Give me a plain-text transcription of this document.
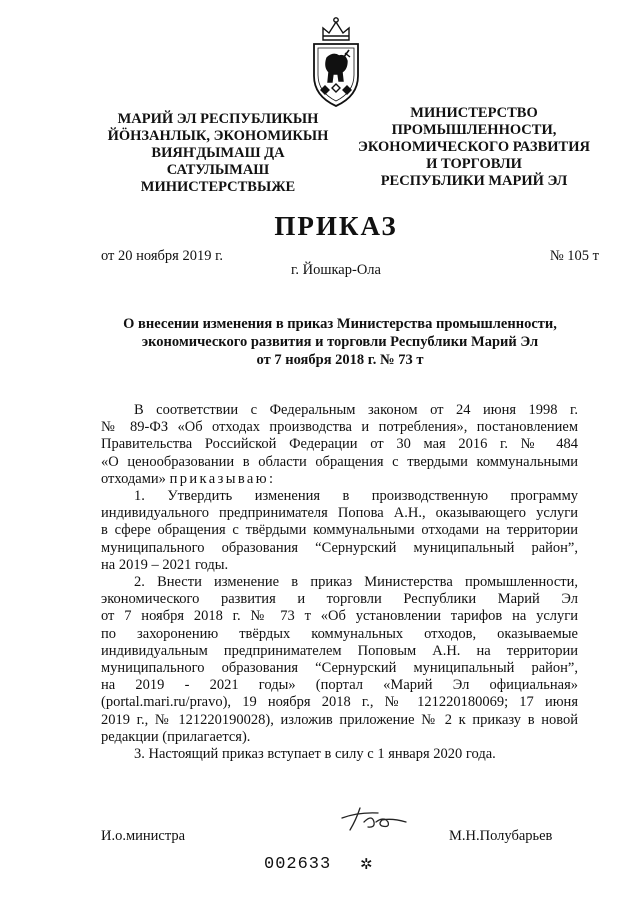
МАРИЙ ЭЛ РЕСПУБЛИКЫН
ЙӦНЗАНЛЫК, ЭКОНОМИКЫН
ВИЯҤДЫМАШ ДА
САТУЛЫМАШ
МИНИСТЕРСТВЫЖЕ
МИНИСТЕРСТВО
ПРОМЫШЛЕННОСТИ,
ЭКОНОМИЧЕСКОГО РАЗВИТИЯ
И ТОРГОВЛИ
РЕСПУБЛИКИ МАРИЙ ЭЛ
ПРИКАЗ
от 20 ноября 2019 г.	№ 105 т
г. Йошкар-Ола
О внесении изменения в приказ Министерства промышленности,
экономического развития и торговли Республики Марий Эл
от 7 ноября 2018 г. № 73 т
В соответствии с Федеральным законом от 24 июня 1998 г.
№ 89-ФЗ «Об отходах производства и потребления», постановлением
Правительства Российской Федерации от 30 мая 2016 г. № 484
«О ценообразовании в области обращения с твердыми коммунальными
отходами» приказываю:
1. Утвердить изменения в производственную программу
индивидуального предпринимателя Попова А.Н., оказывающего услуги
в сфере обращения с твёрдыми коммунальными отходами на территории
муниципального образования “Сернурский муниципальный район”,
на 2019 – 2021 годы.
2. Внести изменение в приказ Министерства промышленности,
экономического развития и торговли Республики Марий Эл
от 7 ноября 2018 г. № 73 т «Об установлении тарифов на услуги
по захоронению твёрдых коммунальных отходов, оказываемые
индивидуальным предпринимателем Поповым А.Н. на территории
муниципального образования “Сернурский муниципальный район”,
на 2019 - 2021 годы» (портал «Марий Эл официальная»
(portal.mari.ru/pravo), 19 ноября 2018 г., № 121220180069; 17 июня
2019 г., № 121220190028), изложив приложение № 2 к приказу в новой
редакции (прилагается).
3. Настоящий приказ вступает в силу с 1 января 2020 года.
И.о.министра	М.Н.Полубарьев
002633 ✲
